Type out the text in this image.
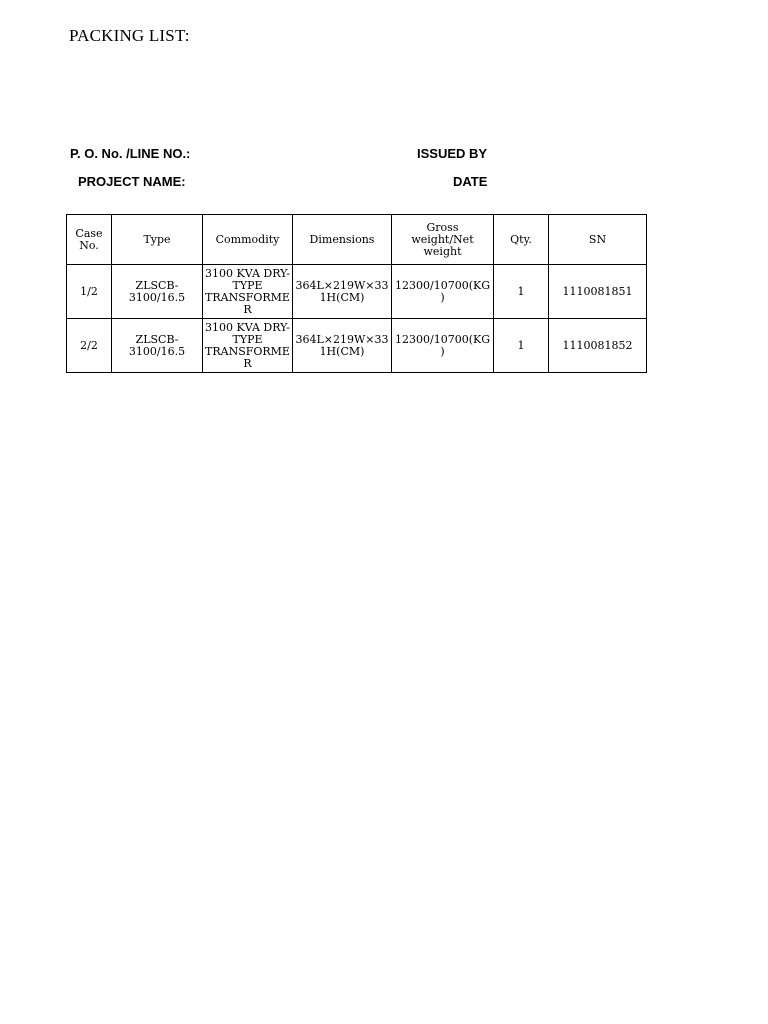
PACKING LIST:
P. O. No. /LINE NO.:	ISSUED BY
PROJECT NAME:	DATE
Case No.	Type	Commodity	Dimensions	Gross weight/Net weight	Qty.	SN
1/2	ZLSCB-3100/16.5	3100 KVA DRY-TYPE TRANSFORMER	364L×219W×331H(CM)	12300/10700(KG)	1	1110081851
2/2	ZLSCB-3100/16.5	3100 KVA DRY-TYPE TRANSFORMER	364L×219W×331H(CM)	12300/10700(KG)	1	1110081852
